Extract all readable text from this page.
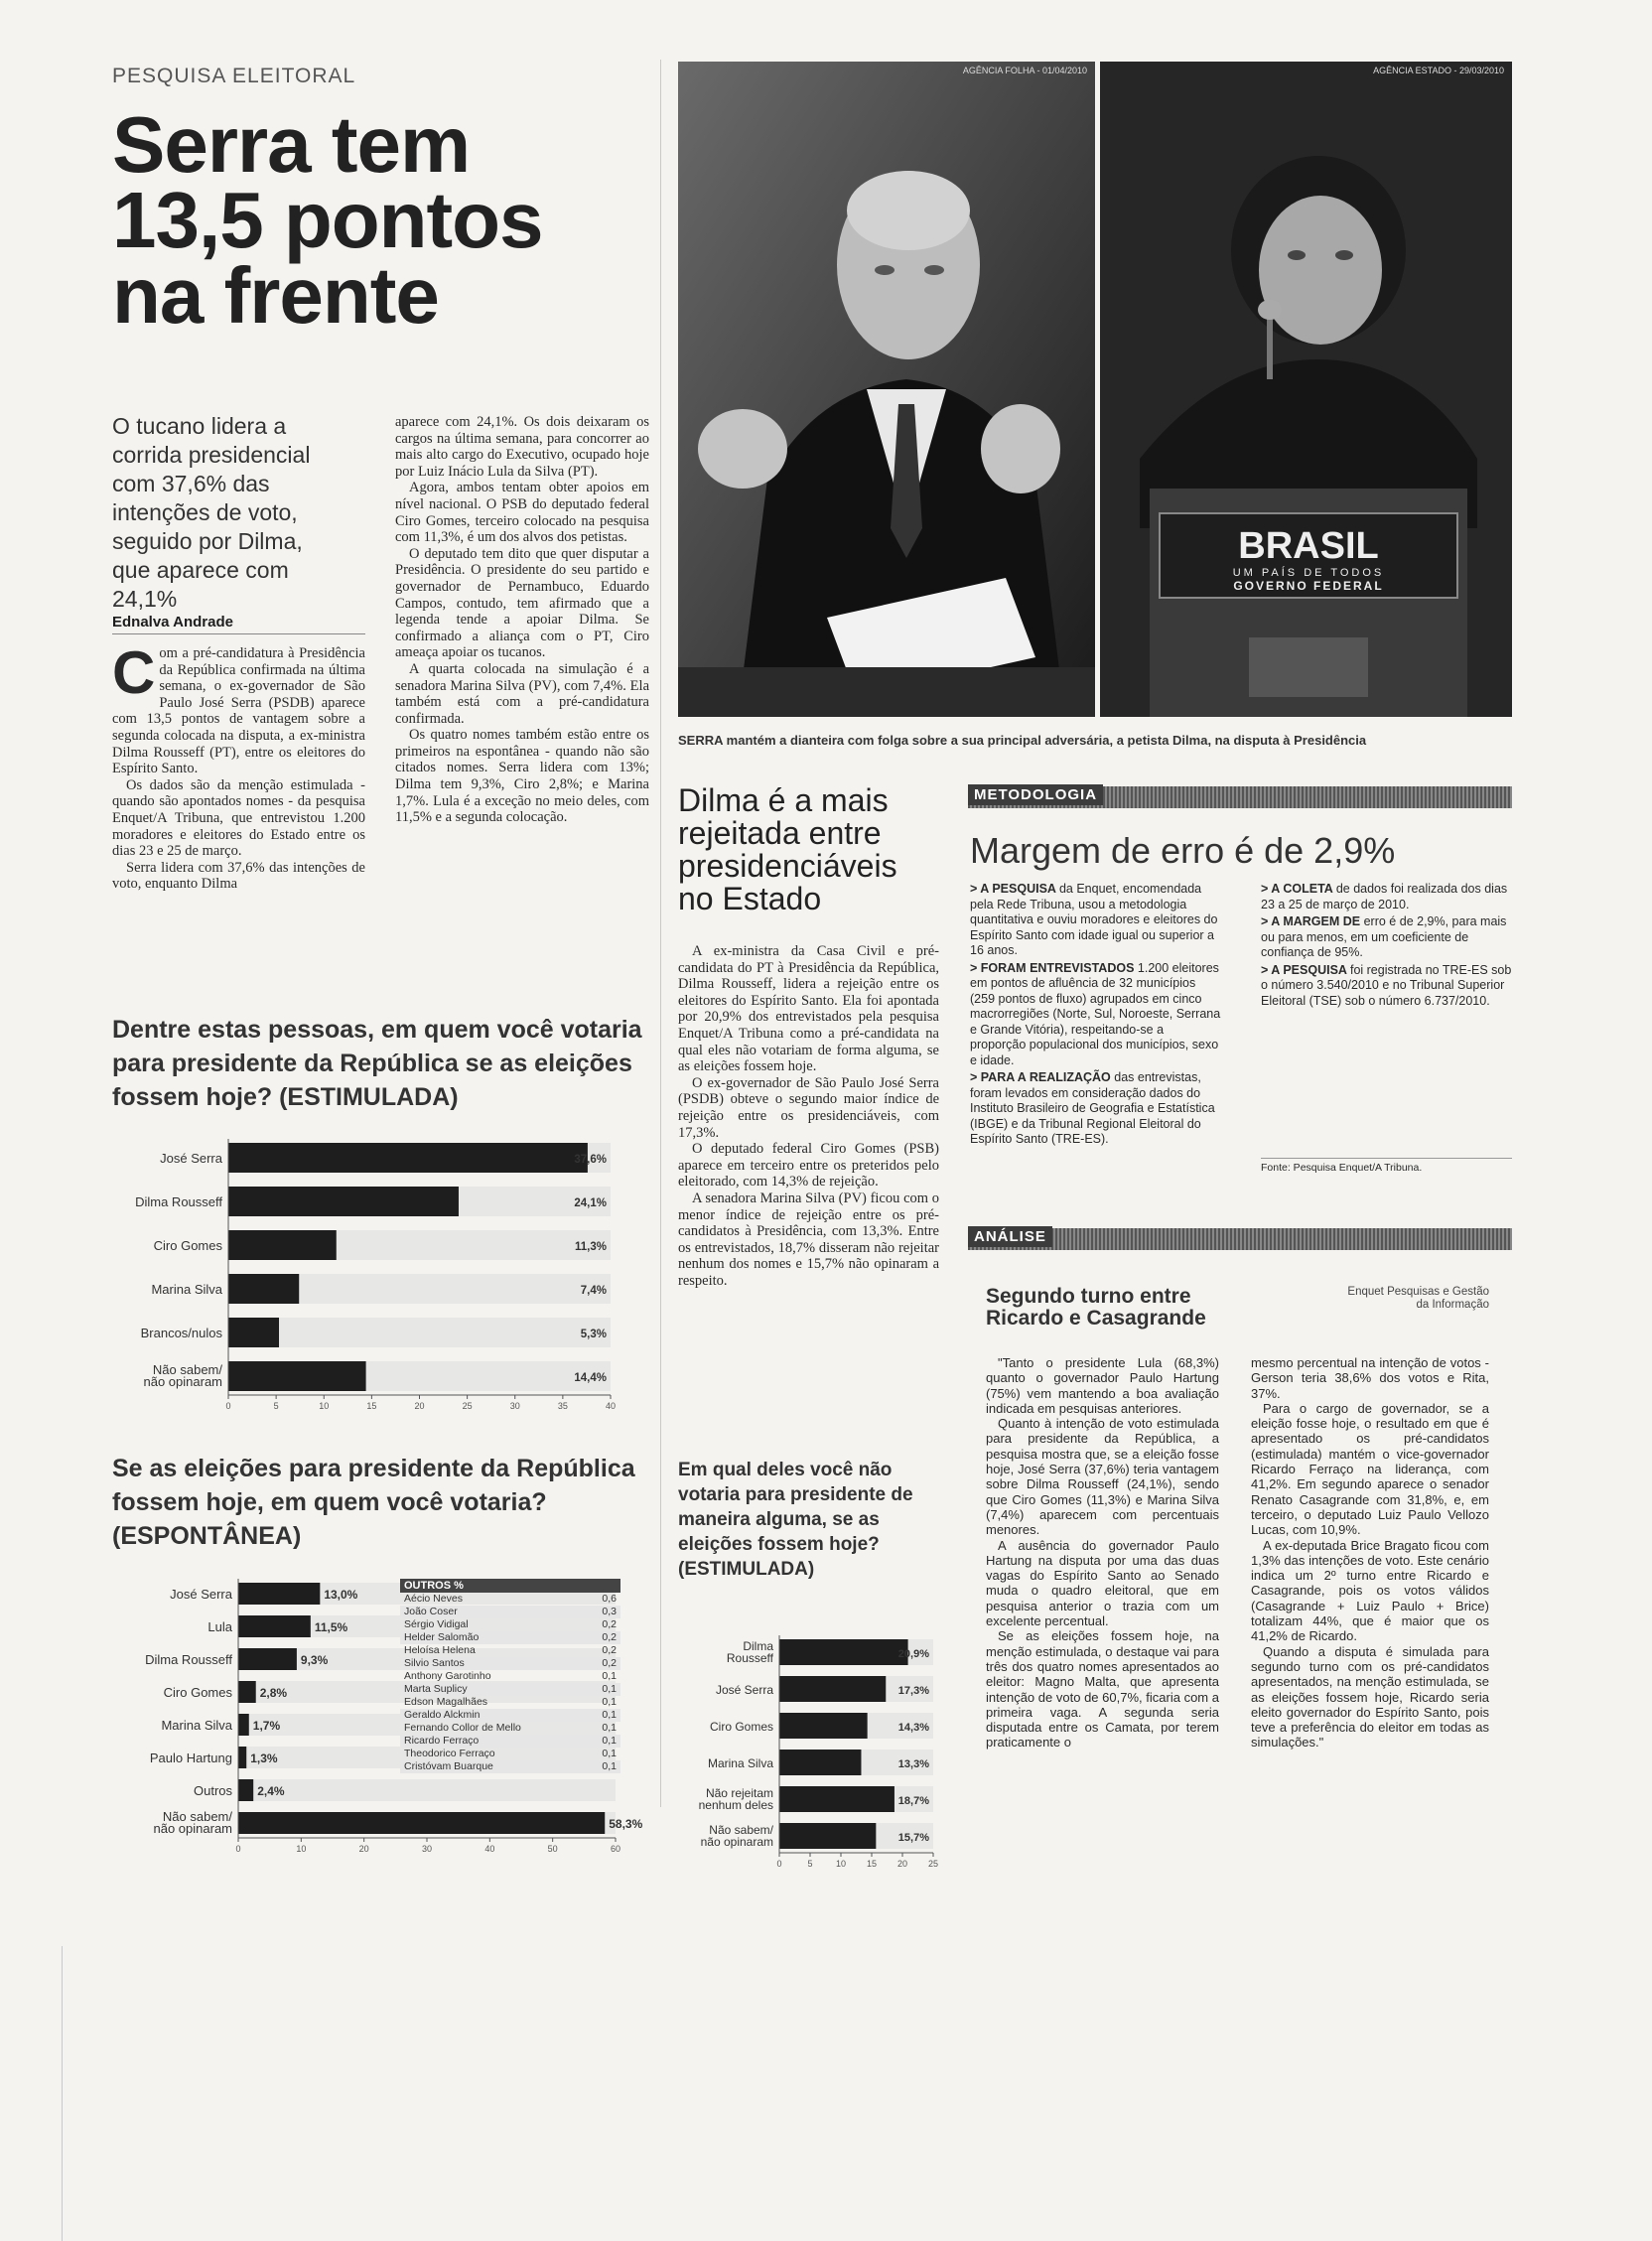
PESQUISA ELEITORAL
Serra tem
13,5 pontos
na frente
O tucano lidera a corrida presidencial com 37,6% das intenções de voto, seguido por Dilma, que aparece com 24,1%
Ednalva Andrade
C om a pré-candidatura à Presidência da República confirmada na última semana, o ex-governador de São Paulo José Serra (PSDB) aparece com 13,5 pontos de vantagem sobre a segunda colocada na disputa, a ex-ministra Dilma Rousseff (PT), entre os eleitores do Espírito Santo.

Os dados são da menção estimulada - quando são apontados nomes - da pesquisa Enquet/A Tribuna, que entrevistou 1.200 moradores e eleitores do Estado entre os dias 23 e 25 de março.

Serra lidera com 37,6% das intenções de voto, enquanto Dilma

aparece com 24,1%. Os dois deixaram os cargos na última semana, para concorrer ao mais alto cargo do Executivo, ocupado hoje por Luiz Inácio Lula da Silva (PT).

Agora, ambos tentam obter apoios em nível nacional. O PSB do deputado federal Ciro Gomes, terceiro colocado na pesquisa com 11,3%, é um dos alvos dos petistas.

O deputado tem dito que quer disputar a Presidência. O presidente do seu partido e governador de Pernambuco, Eduardo Campos, contudo, tem afirmado que a legenda tende a apoiar Dilma. Se confirmado a aliança com o PT, Ciro ameaça apoiar os tucanos.

A quarta colocada na simulação é a senadora Marina Silva (PV), com 7,4%. Ela também está com a pré-candidatura confirmada.

Os quatro nomes também estão entre os primeiros na espontânea - quando não são citados nomes. Serra lidera com 13%; Dilma tem 9,3%, Ciro 2,8%; e Marina 1,7%. Lula é a exceção no meio deles, com 11,5% e a segunda colocação.

AGÊNCIA FOLHA - 01/04/2010
BRASIL
UM PAÍS DE TODOS
GOVERNO FEDERAL
AGÊNCIA ESTADO - 29/03/2010
SERRA mantém a dianteira com folga sobre a sua principal adversária, a petista Dilma, na disputa à Presidência
Dentre estas pessoas, em quem você votaria para presidente da República se as eleições fossem hoje? (ESTIMULADA)
José Serra	37,6%
Dilma Rousseff	24,1%
Ciro Gomes	11,3%
Marina Silva	7,4%
Brancos/nulos	5,3%
Não sabem/
não opinaram	14,4%
0	5	10	15	20	25	30	35	40
Se as eleições para presidente da República fossem hoje, em quem você votaria? (ESPONTÂNEA)
José Serra	13,0%
Lula	11,5%
Dilma Rousseff	9,3%
Ciro Gomes 2,8%
Marina Silva 1,7%
Paulo Hartung 1,3%
Outros 2,4%
Não sabem/
não opinaram	58,3%
0	10	20	30	40	50	60
OUTROS %
Aécio Neves	0,6
João Coser	0,3
Sérgio Vidigal	0,2
Helder Salomão	0,2
Heloísa Helena	0,2
Silvio Santos	0,2
Anthony Garotinho	0,1
Marta Suplicy	0,1
Edson Magalhães	0,1
Geraldo Alckmin	0,1
Fernando Collor de Mello	0,1
Ricardo Ferraço	0,1
Theodorico Ferraço	0,1
Cristóvam Buarque	0,1
Dilma é a mais rejeitada entre presidenciáveis no Estado

A ex-ministra da Casa Civil e pré-candidata do PT à Presidência da República, Dilma Rousseff, lidera a rejeição entre os eleitores do Espírito Santo. Ela foi apontada por 20,9% dos entrevistados pela pesquisa Enquet/A Tribuna como a pré-candidata na qual eles não votariam de forma alguma, se as eleições fossem hoje.

O ex-governador de São Paulo José Serra (PSDB) obteve o segundo maior índice de rejeição entre os presidenciáveis, com 17,3%.

O deputado federal Ciro Gomes (PSB) aparece em terceiro entre os preteridos pelo eleitorado, com 14,3% de rejeição.

A senadora Marina Silva (PV) ficou com o menor índice de rejeição entre os pré-candidatos à Presidência, com 13,3%. Entre os entrevistados, 18,7% disseram não rejeitar nenhum dos nomes e 15,7% não opinaram a respeito.

Em qual deles você não votaria para presidente de maneira alguma, se as eleições fossem hoje? (ESTIMULADA)
Dilma
Rousseff	20,9%
José Serra	17,3%
Ciro Gomes	14,3%
Marina Silva	13,3%
Não rejeitam
nenhum deles	18,7%
Não sabem/
não opinaram	15,7%
0	5	10 15 20 25
METODOLOGIA
Margem de erro é de 2,9%
> A PESQUISA da Enquet, encomendada pela Rede Tribuna, usou a metodologia quantitativa e ouviu moradores e eleitores do Espírito Santo com idade igual ou superior a 16 anos.
> FORAM ENTREVISTADOS 1.200 eleitores em pontos de afluência de 32 municípios (259 pontos de fluxo) agrupados em cinco macrorregiões (Norte, Sul, Noroeste, Serrana e Grande Vitória), respeitando-se a proporção populacional dos municípios, sexo e idade.
> PARA A REALIZAÇÃO das entrevistas, foram levados em consideração dados do Instituto Brasileiro de Geografia e Estatística (IBGE) e da Tribunal Regional Eleitoral do Espírito Santo (TRE-ES).
> A COLETA de dados foi realizada dos dias 23 a 25 de março de 2010.
> A MARGEM DE erro é de 2,9%, para mais ou para menos, em um coeficiente de confiança de 95%.
> A PESQUISA foi registrada no TRE-ES sob o número 3.540/2010 e no Tribunal Superior Eleitoral (TSE) sob o número 6.737/2010.
Fonte: Pesquisa Enquet/A Tribuna.
ANÁLISE
Segundo turno entre Ricardo e Casagrande
Enquet Pesquisas e Gestão da Informação

"Tanto o presidente Lula (68,3%) quanto o governador Paulo Hartung (75%) vem mantendo a boa avaliação indicada em pesquisas anteriores.

Quanto à intenção de voto estimulada para presidente da República, a pesquisa mostra que, se a eleição fosse hoje, José Serra (37,6%) teria vantagem sobre Dilma Rousseff (24,1%), sendo que Ciro Gomes (11,3%) e Marina Silva (7,4%) aparecem com percentuais menores.

A ausência do governador Paulo Hartung na disputa por uma das duas vagas do Espírito Santo ao Senado muda o quadro eleitoral, que em pesquisa anterior o trazia com um excelente percentual.

Se as eleições fossem hoje, na menção estimulada, o destaque vai para três dos quatro nomes apresentados ao eleitor: Magno Malta, que apresenta intenção de voto de 60,7%, ficaria com a primeira vaga. A segunda seria disputada entre os Camata, por terem praticamente o

mesmo percentual na intenção de votos - Gerson teria 38,6% dos votos e Rita, 37%.

Para o cargo de governador, se a eleição fosse hoje, o resultado em que é apresentado os pré-candidatos (estimulada) mantém o vice-governador Ricardo Ferraço na liderança, com 41,2%. Em segundo aparece o senador Renato Casagrande com 31,8%, e, em terceiro, o deputado Luiz Paulo Vellozo Lucas, com 10,9%.

A ex-deputada Brice Bragato ficou com 1,3% das intenções de voto. Este cenário indica um 2º turno entre Ricardo e Casagrande, pois os votos válidos (Casagrande + Luiz Paulo + Brice) totalizam 44%, que é maior que os 41,2% de Ricardo.

Quando a disputa é simulada para segundo turno com os pré-candidatos apresentados, na menção estimulada, se as eleições fossem hoje, Ricardo seria eleito governador do Espírito Santo, pois teve a preferência do eleitor em todas as simulações."
